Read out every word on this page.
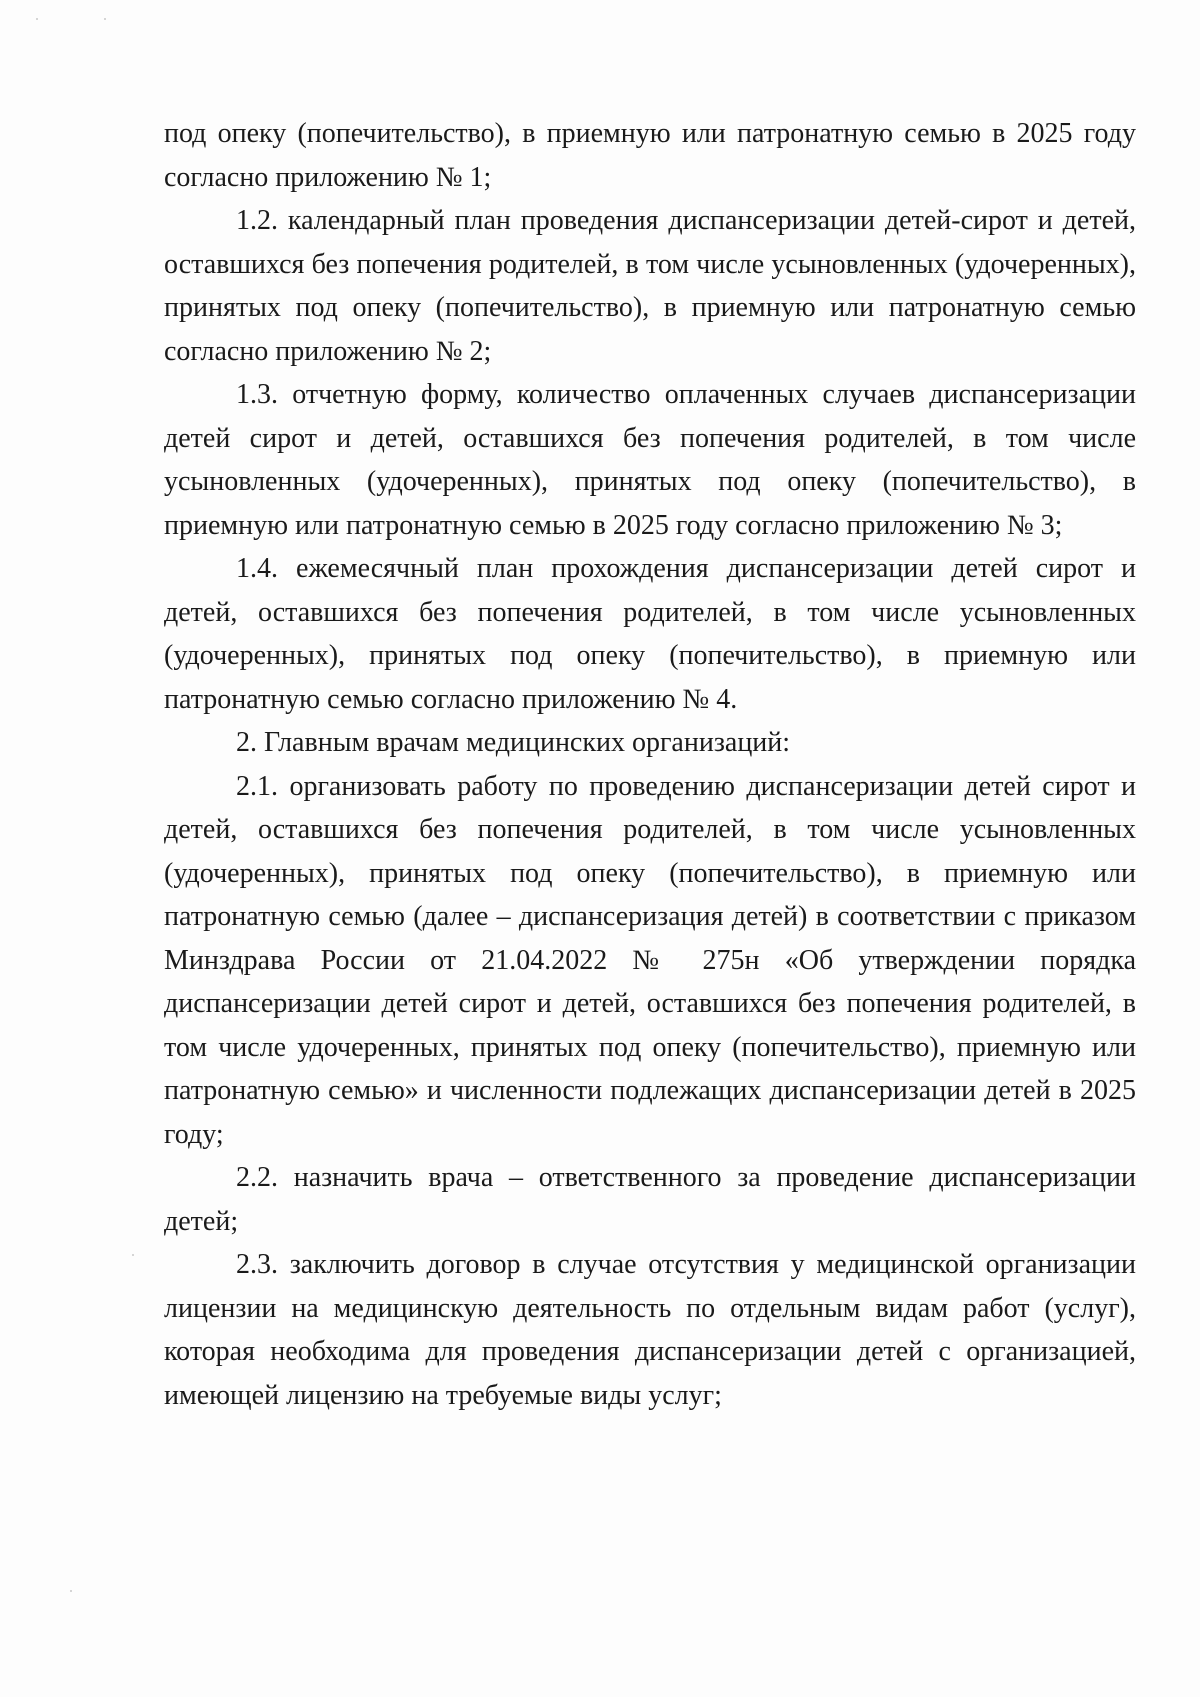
под опеку (попечительство), в приемную или патронатную семью в 2025 году согласно приложению № 1;

1.2. календарный план проведения диспансеризации детей-сирот и детей, оставшихся без попечения родителей, в том числе усыновленных (удочеренных), принятых под опеку (попечительство), в приемную или патронатную семью согласно приложению № 2;

1.3. отчетную форму, количество оплаченных случаев диспансеризации детей сирот и детей, оставшихся без попечения родителей, в том числе усыновленных (удочеренных), принятых под опеку (попечительство), в приемную или патронатную семью в 2025 году согласно приложению № 3;

1.4. ежемесячный план прохождения диспансеризации детей сирот и детей, оставшихся без попечения родителей, в том числе усыновленных (удочеренных), принятых под опеку (попечительство), в приемную или патронатную семью согласно приложению № 4.

2. Главным врачам медицинских организаций:

2.1. организовать работу по проведению диспансеризации детей сирот и детей, оставшихся без попечения родителей, в том числе усыновленных (удочеренных), принятых под опеку (попечительство), в приемную или патронатную семью (далее – диспансеризация детей) в соответствии с приказом Минздрава России от 21.04.2022 № 275н «Об утверждении порядка диспансеризации детей сирот и детей, оставшихся без попечения родителей, в том числе удочеренных, принятых под опеку (попечительство), приемную или патронатную семью» и численности подлежащих диспансеризации детей в 2025 году;

2.2. назначить врача – ответственного за проведение диспансеризации детей;

2.3. заключить договор в случае отсутствия у медицинской организации лицензии на медицинскую деятельность по отдельным видам работ (услуг), которая необходима для проведения диспансеризации детей с организацией, имеющей лицензию на требуемые виды услуг;
